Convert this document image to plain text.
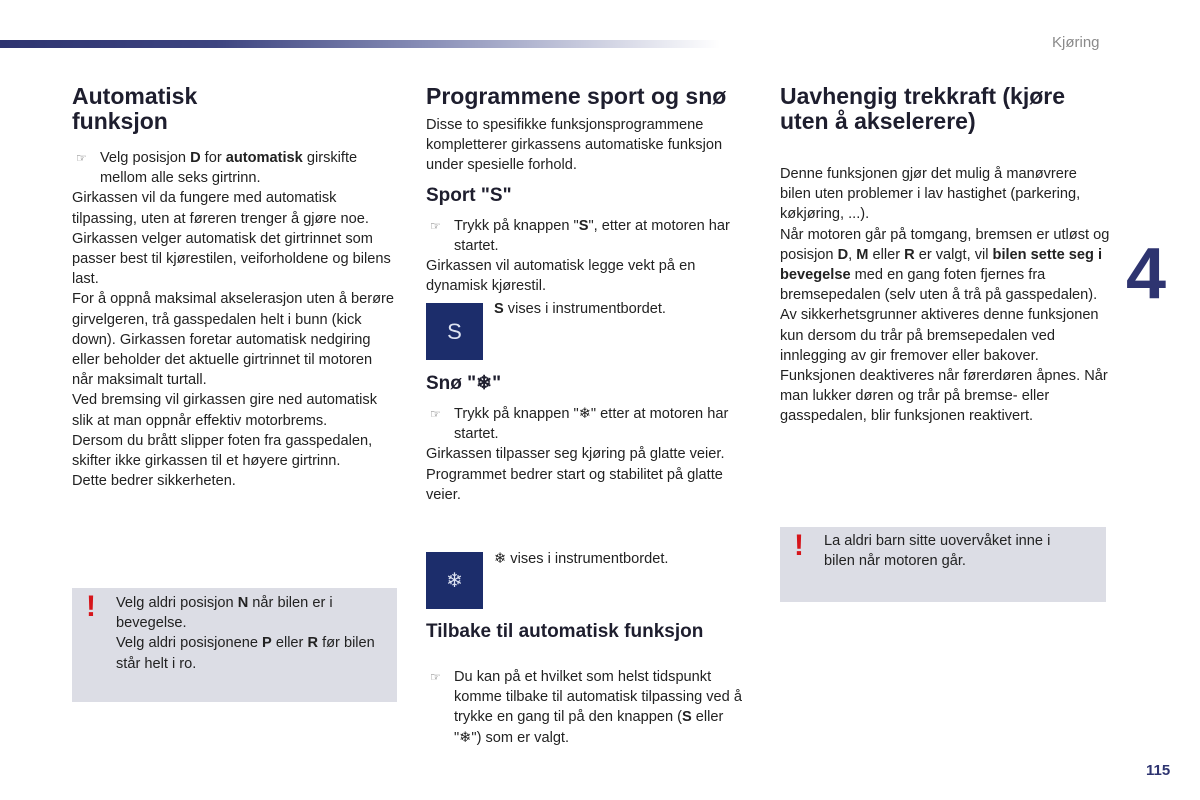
Kjøring
4
115
Automatisk funksjon
☞ Velg posisjon D for automatisk girskifte mellom alle seks girtrinn.

Girkassen vil da fungere med automatisk tilpassing, uten at føreren trenger å gjøre noe. Girkassen velger automatisk det girtrinnet som passer best til kjørestilen, veiforholdene og bilens last.

For å oppnå maksimal akselerasjon uten å berøre girvelgeren, trå gasspedalen helt i bunn (kick down). Girkassen foretar automatisk nedgiring eller beholder det aktuelle girtrinnet til motoren når maksimalt turtall.

Ved bremsing vil girkassen gire ned automatisk slik at man oppnår effektiv motorbrems.

Dersom du brått slipper foten fra gasspedalen, skifter ikke girkassen til et høyere girtrinn.

Dette bedrer sikkerheten.

! Velg aldri posisjon N når bilen er i bevegelse.
Velg aldri posisjonene P eller R før bilen står helt i ro.
Programmene sport og snø

Disse to spesifikke funksjonsprogrammene kompletterer girkassens automatiske funksjon under spesielle forhold.

Sport "S"
☞ Trykk på knappen "S", etter at motoren har startet.

Girkassen vil automatisk legge vekt på en dynamisk kjørestil.

S
S vises i instrumentbordet.
Snø "❄"
☞ Trykk på knappen "❄" etter at motoren har startet.

Girkassen tilpasser seg kjøring på glatte veier. Programmet bedrer start og stabilitet på glatte veier.

❄
❄ vises i instrumentbordet.
Tilbake til automatisk funksjon
☞ Du kan på et hvilket som helst tidspunkt komme tilbake til automatisk tilpassing ved å trykke en gang til på den knappen (S eller "❄") som er valgt.
Uavhengig trekkraft (kjøre uten å akselerere)

Denne funksjonen gjør det mulig å manøvrere bilen uten problemer i lav hastighet (parkering, køkjøring, ...).

Når motoren går på tomgang, bremsen er utløst og posisjon D, M eller R er valgt, vil bilen sette seg i bevegelse med en gang foten fjernes fra bremsepedalen (selv uten å trå på gasspedalen).

Av sikkerhetsgrunner aktiveres denne funksjonen kun dersom du trår på bremsepedalen ved innlegging av gir fremover eller bakover.

Funksjonen deaktiveres når førerdøren åpnes. Når man lukker døren og trår på bremse- eller gasspedalen, blir funksjonen reaktivert.

! La aldri barn sitte uovervåket inne i bilen når motoren går.
